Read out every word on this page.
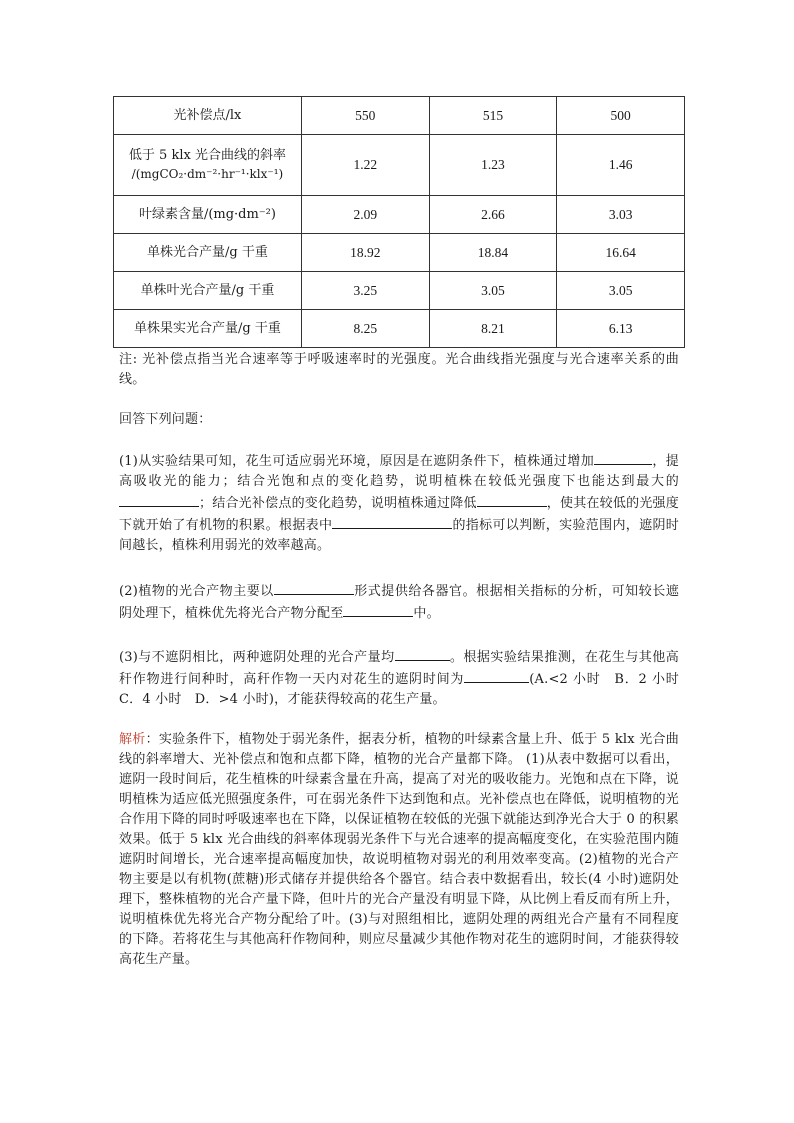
光补偿点/lx	550	515	500

低于 5 klx 光合曲线的斜率
/(mgCO₂·dm⁻²·hr⁻¹·klx⁻¹)	1.22	1.23	1.46
叶绿素含量/(mg·dm⁻²)	2.09	2.66	3.03
单株光合产量/g 干重	18.92	18.84	16.64
单株叶光合产量/g 干重	3.25	3.05	3.05
单株果实光合产量/g 干重	8.25	8.21	6.13

注: 光补偿点指当光合速率等于呼吸速率时的光强度。光合曲线指光强度与光合速率关系的曲线。

回答下列问题：

(1)从实验结果可知，花生可适应弱光环境，原因是在遮阴条件下，植株通过增加	，提高吸收光的能力；结合光饱和点的变化趋势，说明植株在较低光强度下也能达到最大的；结合光补偿点的变化趋势，说明植株通过降低	，使其在较低的光强度下就开始了有机物的积累。根据表中	的指标可以判断，实验范围内，遮阴时间越长，植株利用弱光的效率越高。

(2)植物的光合产物主要以	形式提供给各器官。根据相关指标的分析，可知较长遮阴处理下，植株优先将光合产物分配至	中。

(3)与不遮阴相比，两种遮阴处理的光合产量均	。根据实验结果推测，在花生与其他高秆作物进行间种时，高秆作物一天内对花生的遮阴时间为	(A.<2 小时　B．2 小时　C．4 小时　D．>4 小时)，才能获得较高的花生产量。

解析：实验条件下，植物处于弱光条件，据表分析，植物的叶绿素含量上升、低于 5 klx 光合曲线的斜率增大、光补偿点和饱和点都下降，植物的光合产量都下降。 (1)从表中数据可以看出，遮阴一段时间后，花生植株的叶绿素含量在升高，提高了对光的吸收能力。光饱和点在下降，说明植株为适应低光照强度条件，可在弱光条件下达到饱和点。光补偿点也在降低，说明植物的光合作用下降的同时呼吸速率也在下降，以保证植物在较低的光强下就能达到净光合大于 0 的积累效果。低于 5 klx 光合曲线的斜率体现弱光条件下与光合速率的提高幅度变化，在实验范围内随遮阴时间增长，光合速率提高幅度加快，故说明植物对弱光的利用效率变高。(2)植物的光合产物主要是以有机物(蔗糖)形式储存并提供给各个器官。结合表中数据看出，较长(4 小时)遮阴处理下，整株植物的光合产量下降，但叶片的光合产量没有明显下降，从比例上看反而有所上升，说明植株优先将光合产物分配给了叶。(3)与对照组相比，遮阴处理的两组光合产量有不同程度的下降。若将花生与其他高秆作物间种，则应尽量减少其他作物对花生的遮阴时间，才能获得较高花生产量。
